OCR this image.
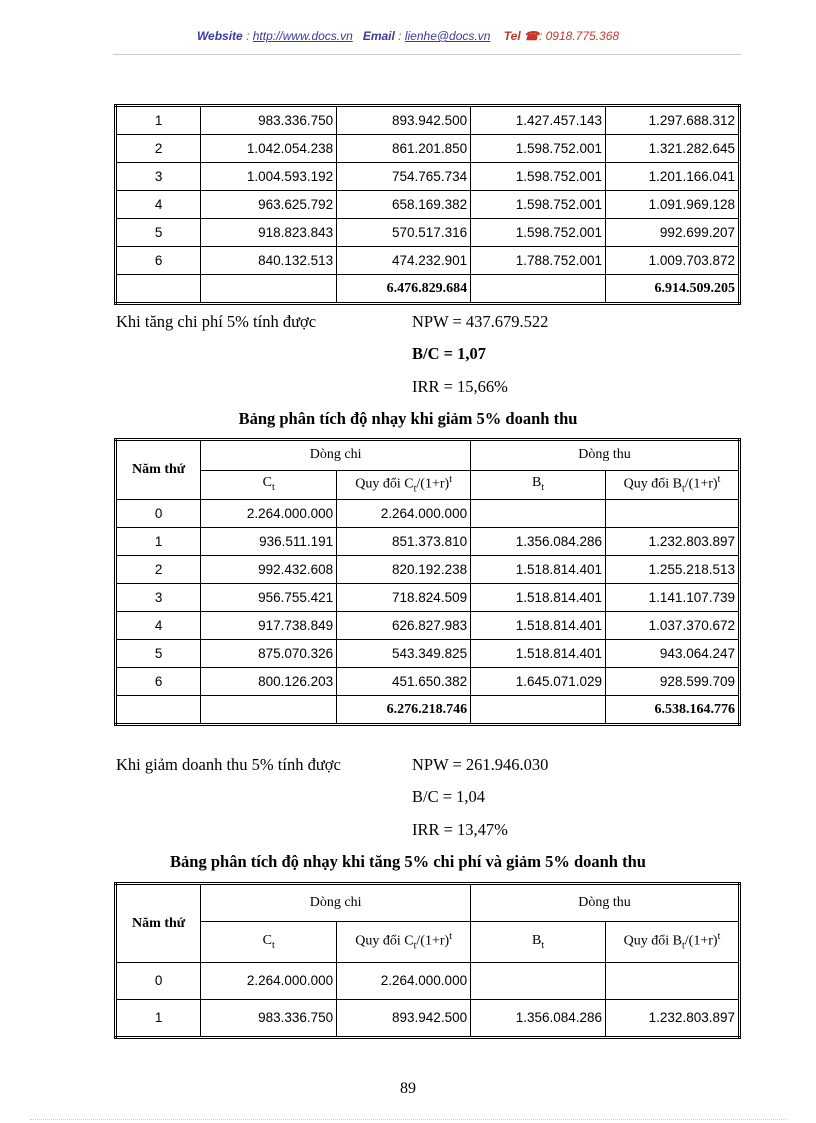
Website : http://www.docs.vn Email : lienhe@docs.vn Tel ☎: 0918.775.368
1	983.336.750	893.942.500	1.427.457.143	1.297.688.312
2	1.042.054.238	861.201.850	1.598.752.001	1.321.282.645
3	1.004.593.192	754.765.734	1.598.752.001	1.201.166.041
4	963.625.792	658.169.382	1.598.752.001	1.091.969.128
5	918.823.843	570.517.316	1.598.752.001	992.699.207
6	840.132.513	474.232.901	1.788.752.001	1.009.703.872
		6.476.829.684		6.914.509.205
Khi tăng chi phí 5% tính được	NPW = 437.679.522
B/C = 1,07
IRR = 15,66%
Bảng phân tích độ nhạy khi giảm 5% doanh thu
Năm thứ	Dòng chi		Dòng thu	
	$C_t$	Quy đổi $C_t/(1+r)^t$	$B_t$	Quy đổi $B_t/(1+r)^t$
0	2.264.000.000	2.264.000.000		
1	936.511.191	851.373.810	1.356.084.286	1.232.803.897
2	992.432.608	820.192.238	1.518.814.401	1.255.218.513
3	956.755.421	718.824.509	1.518.814.401	1.141.107.739
4	917.738.849	626.827.983	1.518.814.401	1.037.370.672
5	875.070.326	543.349.825	1.518.814.401	943.064.247
6	800.126.203	451.650.382	1.645.071.029	928.599.709
		6.276.218.746		6.538.164.776
Khi giảm doanh thu 5% tính được	NPW = 261.946.030
B/C = 1,04
IRR = 13,47%
Bảng phân tích độ nhạy khi tăng 5% chi phí và giảm 5% doanh thu
Năm thứ	Dòng chi		Dòng thu	
	$C_t$	Quy đổi $C_t/(1+r)^t$	$B_t$	Quy đổi $B_t/(1+r)^t$
0	2.264.000.000	2.264.000.000		
1	983.336.750	893.942.500	1.356.084.286	1.232.803.897
89
